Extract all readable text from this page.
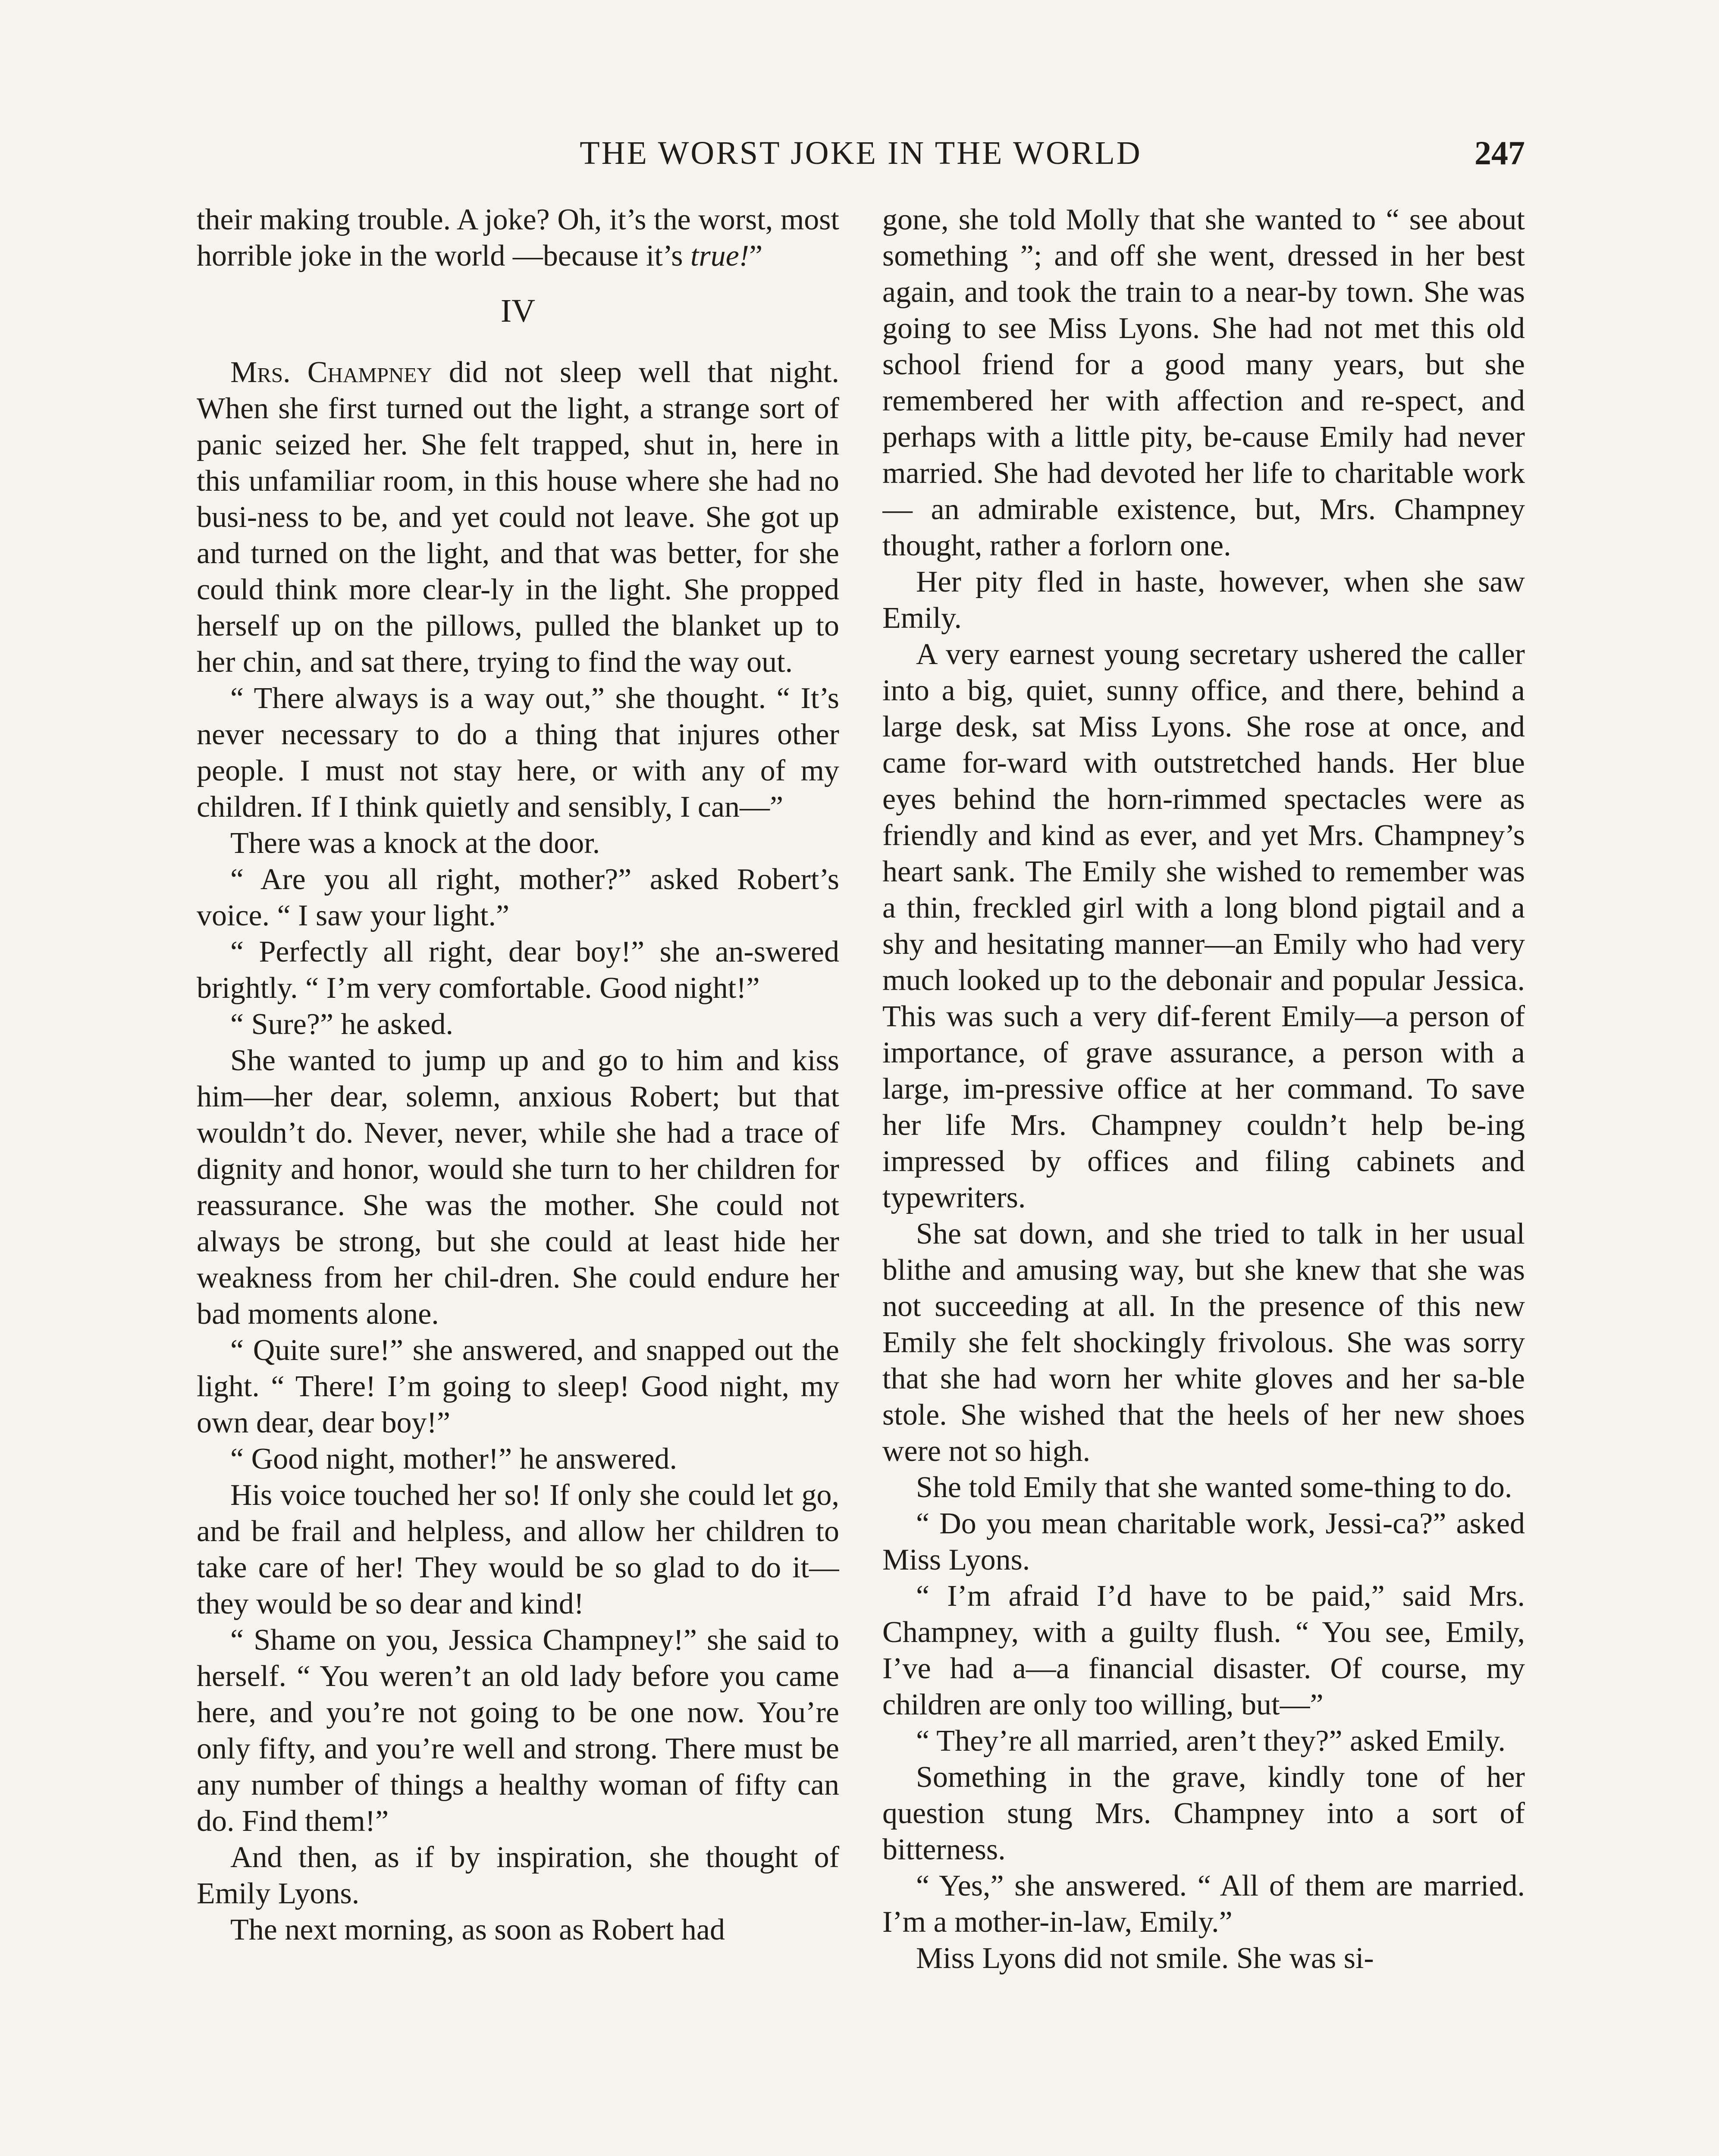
THE WORST JOKE IN THE WORLD	247

their making trouble. A joke? Oh, it’s the worst, most horrible joke in the world —because it’s true!”

IV

Mrs. Champney did not sleep well that night. When she first turned out the light, a strange sort of panic seized her. She felt trapped, shut in, here in this unfamiliar room, in this house where she had no busi-ness to be, and yet could not leave. She got up and turned on the light, and that was better, for she could think more clear-ly in the light. She propped herself up on the pillows, pulled the blanket up to her chin, and sat there, trying to find the way out.

“ There always is a way out,” she thought. “ It’s never necessary to do a thing that injures other people. I must not stay here, or with any of my children. If I think quietly and sensibly, I can—”

There was a knock at the door.

“ Are you all right, mother?” asked Robert’s voice. “ I saw your light.”

“ Perfectly all right, dear boy!” she an-swered brightly. “ I’m very comfortable. Good night!”

“ Sure?” he asked.

She wanted to jump up and go to him and kiss him—her dear, solemn, anxious Robert; but that wouldn’t do. Never, never, while she had a trace of dignity and honor, would she turn to her children for reassurance. She was the mother. She could not always be strong, but she could at least hide her weakness from her chil-dren. She could endure her bad moments alone.

“ Quite sure!” she answered, and snapped out the light. “ There! I’m going to sleep! Good night, my own dear, dear boy!”

“ Good night, mother!” he answered.

His voice touched her so! If only she could let go, and be frail and helpless, and allow her children to take care of her! They would be so glad to do it—they would be so dear and kind!

“ Shame on you, Jessica Champney!” she said to herself. “ You weren’t an old lady before you came here, and you’re not going to be one now. You’re only fifty, and you’re well and strong. There must be any number of things a healthy woman of fifty can do. Find them!”

And then, as if by inspiration, she thought of Emily Lyons.

The next morning, as soon as Robert had

gone, she told Molly that she wanted to “ see about something ”; and off she went, dressed in her best again, and took the train to a near-by town. She was going to see Miss Lyons. She had not met this old school friend for a good many years, but she remembered her with affection and re-spect, and perhaps with a little pity, be-cause Emily had never married. She had devoted her life to charitable work — an admirable existence, but, Mrs. Champney thought, rather a forlorn one.

Her pity fled in haste, however, when she saw Emily.

A very earnest young secretary ushered the caller into a big, quiet, sunny office, and there, behind a large desk, sat Miss Lyons. She rose at once, and came for-ward with outstretched hands. Her blue eyes behind the horn-rimmed spectacles were as friendly and kind as ever, and yet Mrs. Champney’s heart sank. The Emily she wished to remember was a thin, freckled girl with a long blond pigtail and a shy and hesitating manner—an Emily who had very much looked up to the debonair and popular Jessica. This was such a very dif-ferent Emily—a person of importance, of grave assurance, a person with a large, im-pressive office at her command. To save her life Mrs. Champney couldn’t help be-ing impressed by offices and filing cabinets and typewriters.

She sat down, and she tried to talk in her usual blithe and amusing way, but she knew that she was not succeeding at all. In the presence of this new Emily she felt shockingly frivolous. She was sorry that she had worn her white gloves and her sa-ble stole. She wished that the heels of her new shoes were not so high.

She told Emily that she wanted some-thing to do.

“ Do you mean charitable work, Jessi-ca?” asked Miss Lyons.

“ I’m afraid I’d have to be paid,” said Mrs. Champney, with a guilty flush. “ You see, Emily, I’ve had a—a financial disaster. Of course, my children are only too willing, but—”

“ They’re all married, aren’t they?” asked Emily.

Something in the grave, kindly tone of her question stung Mrs. Champney into a sort of bitterness.

“ Yes,” she answered. “ All of them are married. I’m a mother-in-law, Emily.”

Miss Lyons did not smile. She was si-
